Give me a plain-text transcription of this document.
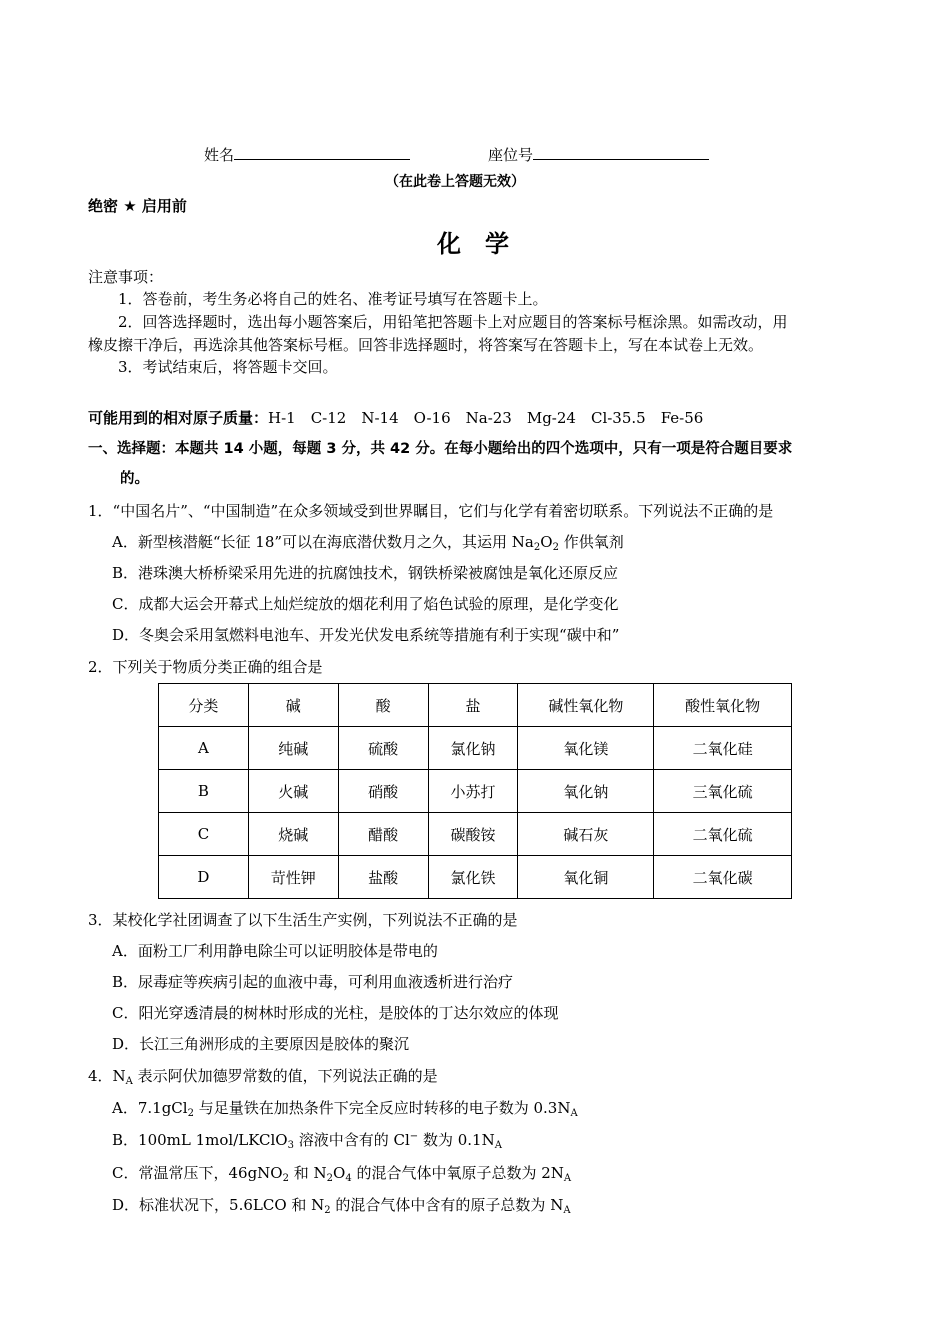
姓名	座位号
（在此卷上答题无效）
绝密 ★ 启用前
化　学
注意事项：
1．答卷前，考生务必将自己的姓名、准考证号填写在答题卡上。
2．回答选择题时，选出每小题答案后，用铅笔把答题卡上对应题目的答案标号框涂黑。如需改动，用
橡皮擦干净后，再选涂其他答案标号框。回答非选择题时，将答案写在答题卡上，写在本试卷上无效。
3．考试结束后，将答题卡交回。
可能用到的相对原子质量：H-1　C-12　N-14　O-16　Na-23　Mg-24　Cl-35.5　Fe-56
一、选择题：本题共 14 小题，每题 3 分，共 42 分。在每小题给出的四个选项中，只有一项是符合题目要求
的。
1．“中国名片”、“中国制造”在众多领域受到世界瞩目，它们与化学有着密切联系。下列说法不正确的是
A．新型核潜艇“长征 18”可以在海底潜伏数月之久，其运用 $Na_2O_2$ 作供氧剂
B．港珠澳大桥桥梁采用先进的抗腐蚀技术，钢铁桥梁被腐蚀是氧化还原反应
C．成都大运会开幕式上灿烂绽放的烟花利用了焰色试验的原理，是化学变化
D．冬奥会采用氢燃料电池车、开发光伏发电系统等措施有利于实现“碳中和”
2．下列关于物质分类正确的组合是
分类	碱	酸	盐	碱性氧化物	酸性氧化物
A	纯碱	硫酸	氯化钠	氧化镁	二氧化硅
B	火碱	硝酸	小苏打	氧化钠	三氧化硫
C	烧碱	醋酸	碳酸铵	碱石灰	二氧化硫
D	苛性钾	盐酸	氯化铁	氧化铜	二氧化碳
3．某校化学社团调查了以下生活生产实例，下列说法不正确的是
A．面粉工厂利用静电除尘可以证明胶体是带电的
B．尿毒症等疾病引起的血液中毒，可利用血液透析进行治疗
C．阳光穿透清晨的树林时形成的光柱，是胶体的丁达尔效应的体现
D．长江三角洲形成的主要原因是胶体的聚沉
4．$N_A$ 表示阿伏加德罗常数的值，下列说法正确的是
A．7.1gCl$_2$ 与足量铁在加热条件下完全反应时转移的电子数为 $0.3N_A$
B．100mL 1mol/LKClO$_3$ 溶液中含有的 Cl− 数为 $0.1N_A$
C．常温常压下，46gNO$_2$ 和 $N_2O_4$ 的混合气体中氧原子总数为 $2N_A$
D．标准状况下，5.6LCO 和 $N_2$ 的混合气体中含有的原子总数为 $N_A$
